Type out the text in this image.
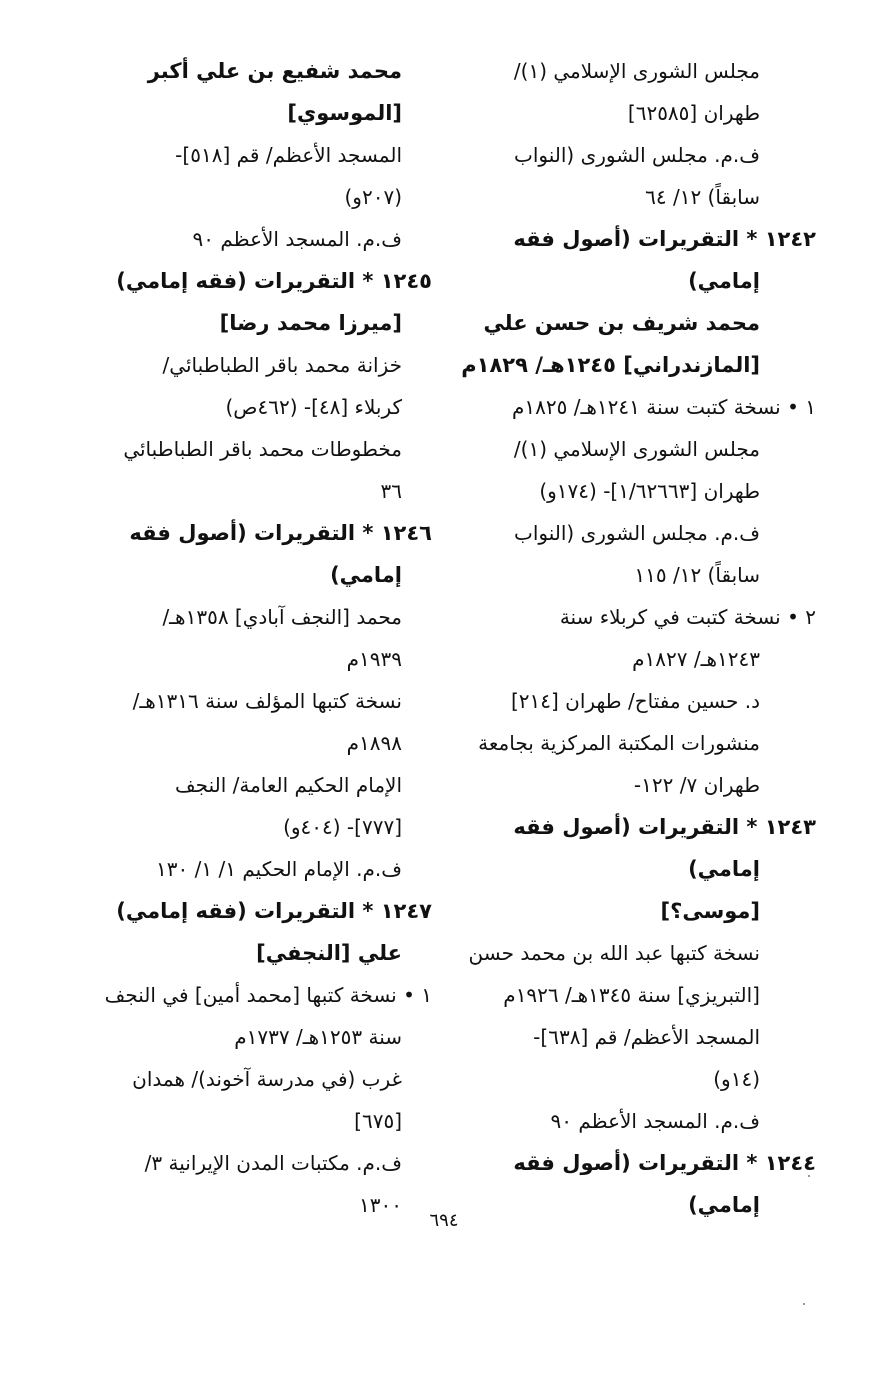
مجلس الشورى الإسلامي (١)/
طهران [٦٢٥٨٥]
ف.م. مجلس الشورى (النواب
سابقاً) ١٢/ ٦٤
١٢٤٢ * التقريرات (أصول فقه
إمامي)
محمد شريف بن حسن علي
[المازندراني] ١٢٤٥هـ/ ١٨٢٩م
١ • نسخة كتبت سنة ١٢٤١هـ/ ١٨٢٥م
مجلس الشورى الإسلامي (١)/
طهران [١/٦٢٦٦٣]- (١٧٤و)
ف.م. مجلس الشورى (النواب
سابقاً) ١٢/ ١١٥
٢ • نسخة كتبت في كربلاء سنة
١٢٤٣هـ/ ١٨٢٧م
د. حسين مفتاح/ طهران [٢١٤]
منشورات المكتبة المركزية بجامعة
طهران ٧/ ١٢٢-
١٢٤٣ * التقريرات (أصول فقه
إمامي)
[موسى؟]
نسخة كتبها عبد الله بن محمد حسن
[التبريزي] سنة ١٣٤٥هـ/ ١٩٢٦م
المسجد الأعظم/ قم [٦٣٨]-
(١٤و)
ف.م. المسجد الأعظم ٩٠
١٢٤٤ * التقريرات (أصول فقه
إمامي)
محمد شفيع بن علي أكبر
[الموسوي]
المسجد الأعظم/ قم [٥١٨]-
(٢٠٧و)
ف.م. المسجد الأعظم ٩٠
١٢٤٥ * التقريرات (فقه إمامي)
[ميرزا محمد رضا]
خزانة محمد باقر الطباطبائي/
كربلاء [٤٨]- (٤٦٢ص)
مخطوطات محمد باقر الطباطبائي
٣٦
١٢٤٦ * التقريرات (أصول فقه
إمامي)
محمد [النجف آبادي] ١٣٥٨هـ/
١٩٣٩م
نسخة كتبها المؤلف سنة ١٣١٦هـ/
١٨٩٨م
الإمام الحكيم العامة/ النجف
[٧٧٧]- (٤٠٤و)
ف.م. الإمام الحكيم ١/ ١/ ١٣٠
١٢٤٧ * التقريرات (فقه إمامي)
علي [النجفي]
١ • نسخة كتبها [محمد أمين] في النجف
سنة ١٢٥٣هـ/ ١٧٣٧م
غرب (في مدرسة آخوند)/ همدان
[٦٧٥]
ف.م. مكتبات المدن الإيرانية ٣/
١٣٠٠
٦٩٤
